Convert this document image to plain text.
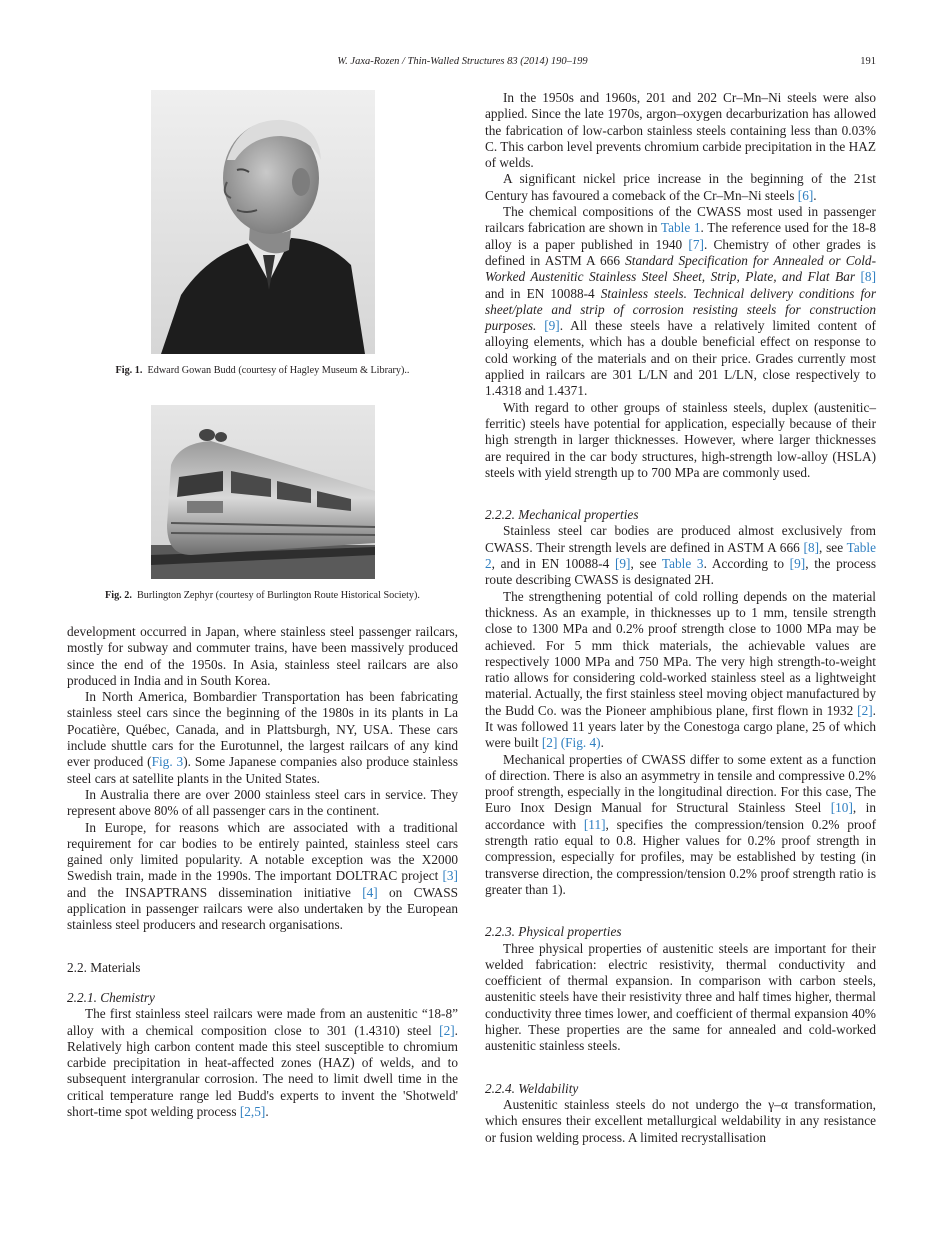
W. Jaxa-Rozen / Thin-Walled Structures 83 (2014) 190–199	191
Fig. 1. Edward Gowan Budd (courtesy of Hagley Museum & Library)..
Fig. 2. Burlington Zephyr (courtesy of Burlington Route Historical Society).

development occurred in Japan, where stainless steel passenger railcars, mostly for subway and commuter trains, have been massively produced since the end of the 1950s. In Asia, stainless steel railcars are also produced in India and in South Korea.

In North America, Bombardier Transportation has been fabricating stainless steel cars since the beginning of the 1980s in its plants in La Pocatière, Québec, Canada, and in Plattsburgh, NY, USA. These cars include shuttle cars for the Eurotunnel, the largest railcars of any kind ever produced (Fig. 3). Some Japanese companies also produce stainless steel cars at satellite plants in the United States.

In Australia there are over 2000 stainless steel cars in service. They represent above 80% of all passenger cars in the continent.

In Europe, for reasons which are associated with a traditional requirement for car bodies to be entirely painted, stainless steel cars gained only limited popularity. A notable exception was the X2000 Swedish train, made in the 1990s. The important DOLTRAC project [3] and the INSAPTRANS dissemination initiative [4] on CWASS application in passenger railcars were also undertaken by the European stainless steel producers and research organisations.

2.2. Materials
2.2.1. Chemistry

The first stainless steel railcars were made from an austenitic “18-8” alloy with a chemical composition close to 301 (1.4310) steel [2]. Relatively high carbon content made this steel susceptible to chromium carbide precipitation in heat-affected zones (HAZ) of welds, and to subsequent intergranular corrosion. The need to limit dwell time in the critical temperature range led Budd's experts to invent the 'Shotweld' short-time spot welding process [2,5].

In the 1950s and 1960s, 201 and 202 Cr–Mn–Ni steels were also applied. Since the late 1970s, argon–oxygen decarburization has allowed the fabrication of low-carbon stainless steels containing less than 0.03% C. This carbon level prevents chromium carbide precipitation in the HAZ of welds.

A significant nickel price increase in the beginning of the 21st Century has favoured a comeback of the Cr–Mn–Ni steels [6].

The chemical compositions of the CWASS most used in passenger railcars fabrication are shown in Table 1. The reference used for the 18-8 alloy is a paper published in 1940 [7]. Chemistry of other grades is defined in ASTM A 666 Standard Specification for Annealed or Cold-Worked Austenitic Stainless Steel Sheet, Strip, Plate, and Flat Bar [8] and in EN 10088-4 Stainless steels. Technical delivery conditions for sheet/plate and strip of corrosion resisting steels for construction purposes. [9]. All these steels have a relatively limited content of alloying elements, which has a double beneficial effect on response to cold working of the materials and on their price. Grades currently most applied in railcars are 301 L/LN and 201 L/LN, close respectively to 1.4318 and 1.4371.

With regard to other groups of stainless steels, duplex (austenitic–ferritic) steels have potential for application, especially because of their high strength in larger thicknesses. However, where larger thicknesses are required in the car body structures, high-strength low-alloy (HSLA) steels with yield strength up to 700 MPa are commonly used.

2.2.2. Mechanical properties

Stainless steel car bodies are produced almost exclusively from CWASS. Their strength levels are defined in ASTM A 666 [8], see Table 2, and in EN 10088-4 [9], see Table 3. According to [9], the process route describing CWASS is designated 2H.

The strengthening potential of cold rolling depends on the material thickness. As an example, in thicknesses up to 1 mm, tensile strength close to 1300 MPa and 0.2% proof strength close to 1000 MPa may be achieved. For 5 mm thick materials, the achievable values are respectively 1000 MPa and 750 MPa. The very high strength-to-weight ratio allows for considering cold-worked stainless steel as a lightweight material. Actually, the first stainless steel moving object manufactured by the Budd Co. was the Pioneer amphibious plane, first flown in 1932 [2]. It was followed 11 years later by the Conestoga cargo plane, 25 of which were built [2] (Fig. 4).

Mechanical properties of CWASS differ to some extent as a function of direction. There is also an asymmetry in tensile and compressive 0.2% proof strength, especially in the longitudinal direction. For this case, The Euro Inox Design Manual for Structural Stainless Steel [10], in accordance with [11], specifies the compression/tension 0.2% proof strength ratio equal to 0.8. Higher values for 0.2% proof strength in compression, especially for profiles, may be established by testing (in transverse direction, the compression/tension 0.2% proof strength ratio is greater than 1).

2.2.3. Physical properties

Three physical properties of austenitic steels are important for their welded fabrication: electric resistivity, thermal conductivity and coefficient of thermal expansion. In comparison with carbon steels, austenitic steels have their resistivity three and half times higher, thermal conductivity three times lower, and coefficient of thermal expansion 40% higher. These properties are the same for annealed and cold-worked austenitic stainless steels.

2.2.4. Weldability

Austenitic stainless steels do not undergo the γ–α transformation, which ensures their excellent metallurgical weldability in any resistance or fusion welding process. A limited recrystallisation
